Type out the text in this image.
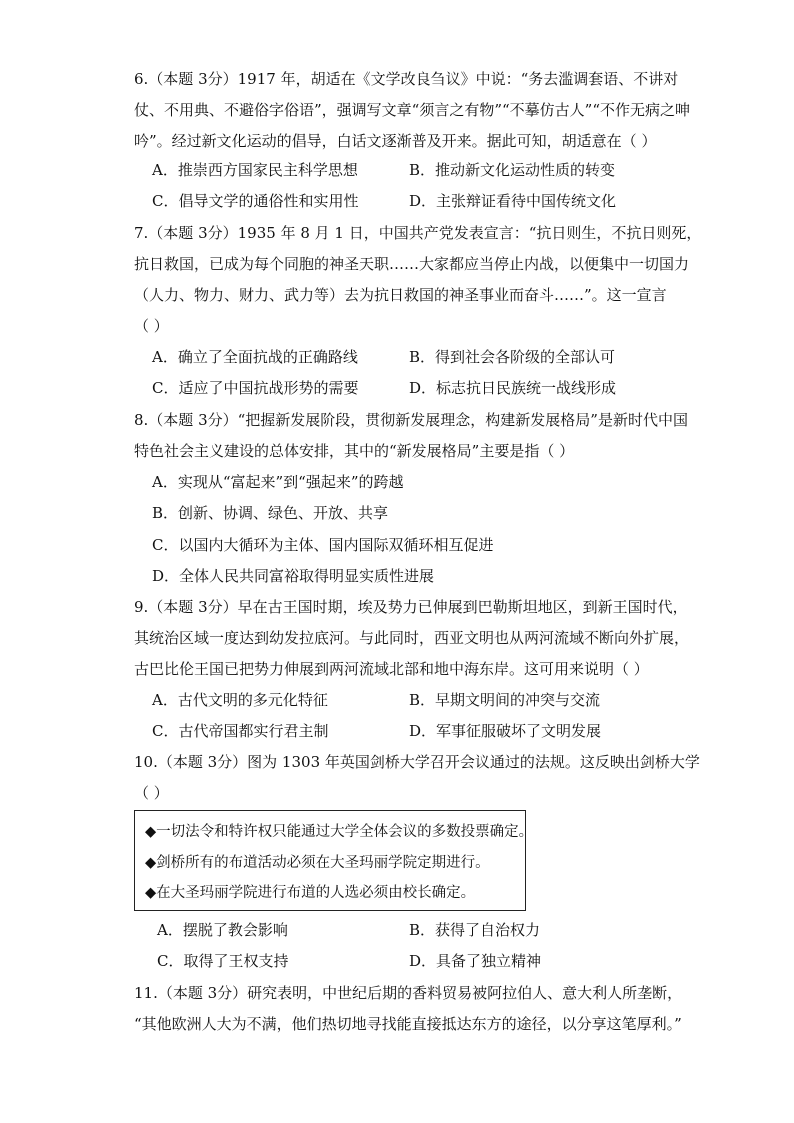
6.（本题 3分）1917 年，胡适在《文学改良刍议》中说：“务去滥调套语、不讲对
仗、不用典、不避俗字俗语”，强调写文章“须言之有物”“不摹仿古人”“不作无病之呻
吟”。经过新文化运动的倡导，白话文逐渐普及开来。据此可知，胡适意在（ ）
A．推崇西方国家民主科学思想	B．推动新文化运动性质的转变
C．倡导文学的通俗性和实用性	D．主张辩证看待中国传统文化
7.（本题 3分）1935 年 8 月 1 日，中国共产党发表宣言：“抗日则生，不抗日则死，
抗日救国，已成为每个同胞的神圣天职……大家都应当停止内战，以便集中一切国力
（人力、物力、财力、武力等）去为抗日救国的神圣事业而奋斗……”。这一宣言
（ ）
A．确立了全面抗战的正确路线	B．得到社会各阶级的全部认可
C．适应了中国抗战形势的需要	D．标志抗日民族统一战线形成
8.（本题 3分）“把握新发展阶段，贯彻新发展理念，构建新发展格局”是新时代中国
特色社会主义建设的总体安排，其中的“新发展格局”主要是指（ ）
A．实现从“富起来”到“强起来”的跨越
B．创新、协调、绿色、开放、共享
C．以国内大循环为主体、国内国际双循环相互促进
D．全体人民共同富裕取得明显实质性进展
9.（本题 3分）早在古王国时期，埃及势力已伸展到巴勒斯坦地区，到新王国时代，
其统治区域一度达到幼发拉底河。与此同时，西亚文明也从两河流域不断向外扩展，
古巴比伦王国已把势力伸展到两河流域北部和地中海东岸。这可用来说明（ ）
A．古代文明的多元化特征	B．早期文明间的冲突与交流
C．古代帝国都实行君主制	D．军事征服破坏了文明发展
10.（本题 3分）图为 1303 年英国剑桥大学召开会议通过的法规。这反映出剑桥大学
（ ）
◆一切法令和特许权只能通过大学全体会议的多数投票确定。
◆剑桥所有的布道活动必须在大圣玛丽学院定期进行。
◆在大圣玛丽学院进行布道的人选必须由校长确定。
A．摆脱了教会影响	B．获得了自治权力
C．取得了王权支持	D．具备了独立精神
11.（本题 3分）研究表明，中世纪后期的香料贸易被阿拉伯人、意大利人所垄断，
“其他欧洲人大为不满，他们热切地寻找能直接抵达东方的途径，以分享这笔厚利。”
